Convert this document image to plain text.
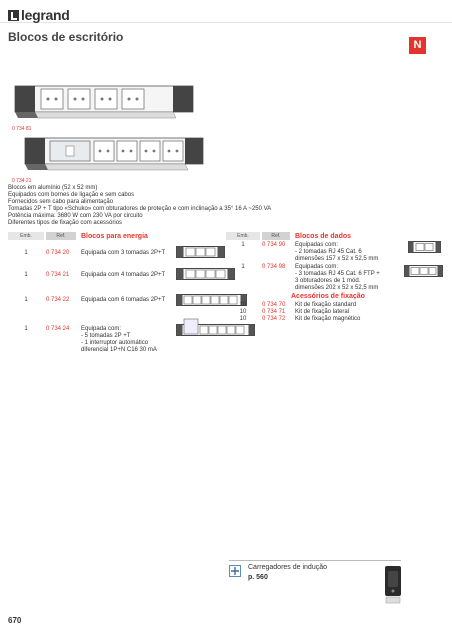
legrand
Blocos de escritório
N
0 734 81
0 734 21
Blocos em alumínio (52 x 52 mm)
Equipados com bornes de ligação e sem cabos
Fornecidos sem cabo para alimentação
Tomadas 2P + T tipo «Schuko» com obturadores de proteção e com inclinação a 35° 16 A ~250 VA
Potência máxima: 3680 W com 230 VA por circuito
Diferentes tipos de fixação com acessórios
Emb.	Ref.	Blocos para energia
1	0 734 20	Equipada com 3 tomadas 2P+T
1	0 734 21	Equipada com 4 tomadas 2P+T
1	0 734 22	Equipada com 6 tomadas 2P+T
1	0 734 24	Equipada com:
- 5 tomadas 2P +T
- 1 interruptor automático
diferencial 1P+N C16 30 mA
Emb.	Ref.	Blocos de dados
1	0 734 90	Equipadas com:
- 2 tomadas RJ 45 Cat. 6
dimensões 157 x 52 x 52,5 mm
1	0 734 98	Equipadas com:
- 3 tomadas RJ 45 Cat. 6 FTP +
3 obturadores de 1 mód.
dimensões 202 x 52 x 52,5 mm
Acessórios de fixação
10	0 734 70	Kit de fixação standard
10	0 734 71	Kit de fixação lateral
10	0 734 72	Kit de fixação magnético
Carregadores de indução
p. 560
670
